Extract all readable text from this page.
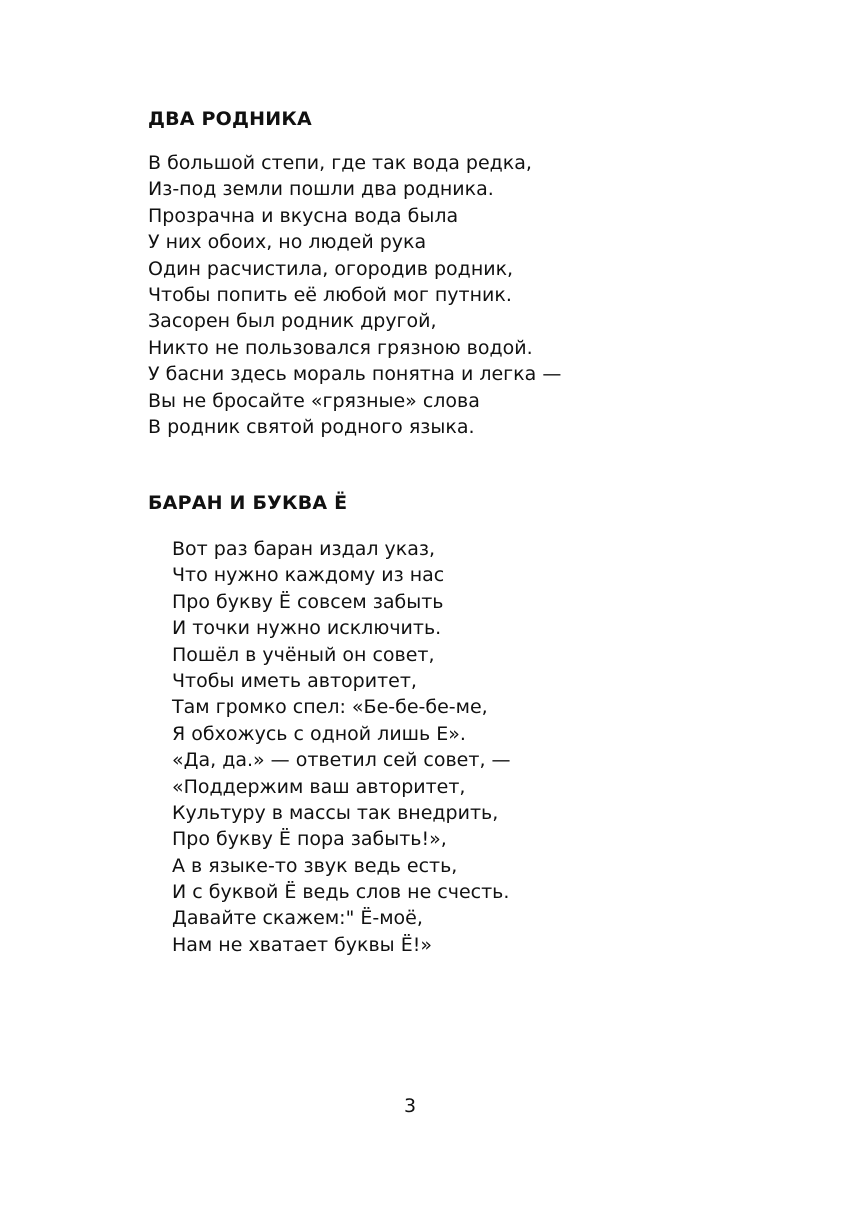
ДВА РОДНИКА
В большой степи, где так вода редка,
Из-под земли пошли два родника.
Прозрачна и вкусна вода была
У них обоих, но людей рука
Один расчистила, огородив родник,
Чтобы попить её любой мог путник.
Засорен был родник другой,
Никто не пользовался грязною водой.
У басни здесь мораль понятна и легка —
Вы не бросайте «грязные» слова
В родник святой родного языка.
БАРАН И БУКВА Ё
Вот раз баран издал указ,
Что нужно каждому из нас
Про букву Ё совсем забыть
И точки нужно исключить.
Пошёл в учёный он совет,
Чтобы иметь авторитет,
Там громко спел: «Бе-бе-бе-ме,
Я обхожусь с одной лишь Е».
«Да, да.» — ответил сей совет, —
«Поддержим ваш авторитет,
Культуру в массы так внедрить,
Про букву Ё пора забыть!»,
А в языке-то звук ведь есть,
И с буквой Ё ведь слов не счесть.
Давайте скажем:" Ё-моё,
Нам не хватает буквы Ё!»
3
